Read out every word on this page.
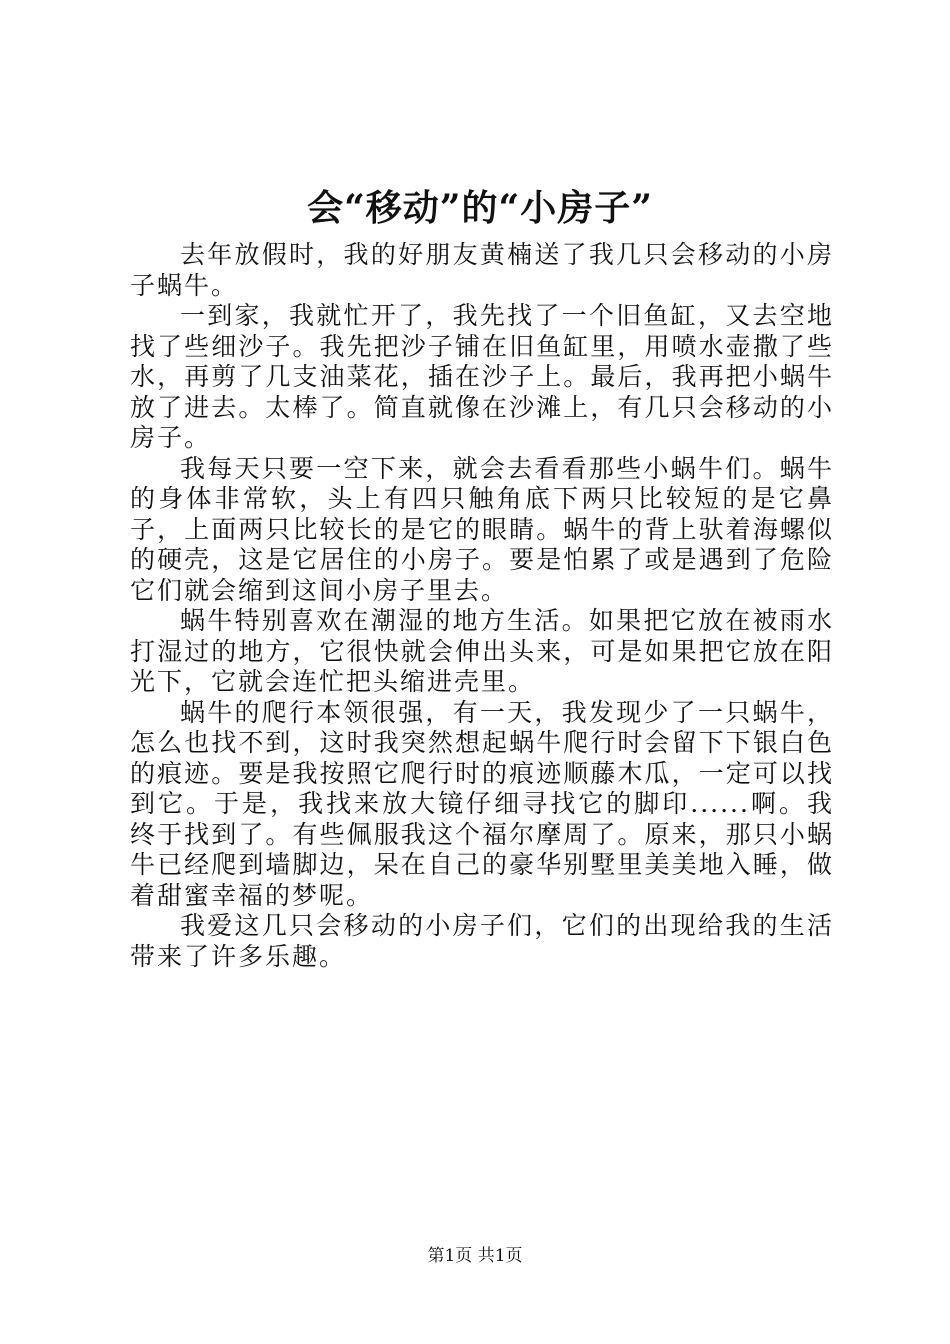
会“移动”的“小房子”

去年放假时，我的好朋友黄楠送了我几只会移动的小房子蜗牛。

一到家，我就忙开了，我先找了一个旧鱼缸，又去空地找了些细沙子。我先把沙子铺在旧鱼缸里，用喷水壶撒了些水，再剪了几支油菜花，插在沙子上。最后，我再把小蜗牛放了进去。太棒了。简直就像在沙滩上，有几只会移动的小房子。

我每天只要一空下来，就会去看看那些小蜗牛们。蜗牛的身体非常软，头上有四只触角底下两只比较短的是它鼻子，上面两只比较长的是它的眼睛。蜗牛的背上驮着海螺似的硬壳，这是它居住的小房子。要是怕累了或是遇到了危险它们就会缩到这间小房子里去。

蜗牛特别喜欢在潮湿的地方生活。如果把它放在被雨水打湿过的地方，它很快就会伸出头来，可是如果把它放在阳光下，它就会连忙把头缩进壳里。

蜗牛的爬行本领很强，有一天，我发现少了一只蜗牛，怎么也找不到，这时我突然想起蜗牛爬行时会留下下银白色的痕迹。要是我按照它爬行时的痕迹顺藤木瓜，一定可以找到它。于是，我找来放大镜仔细寻找它的脚印......啊。我终于找到了。有些佩服我这个福尔摩周了。原来，那只小蜗牛已经爬到墙脚边，呆在自己的豪华别墅里美美地入睡，做着甜蜜幸福的梦呢。

我爱这几只会移动的小房子们，它们的出现给我的生活带来了许多乐趣。

第1页 共1页
